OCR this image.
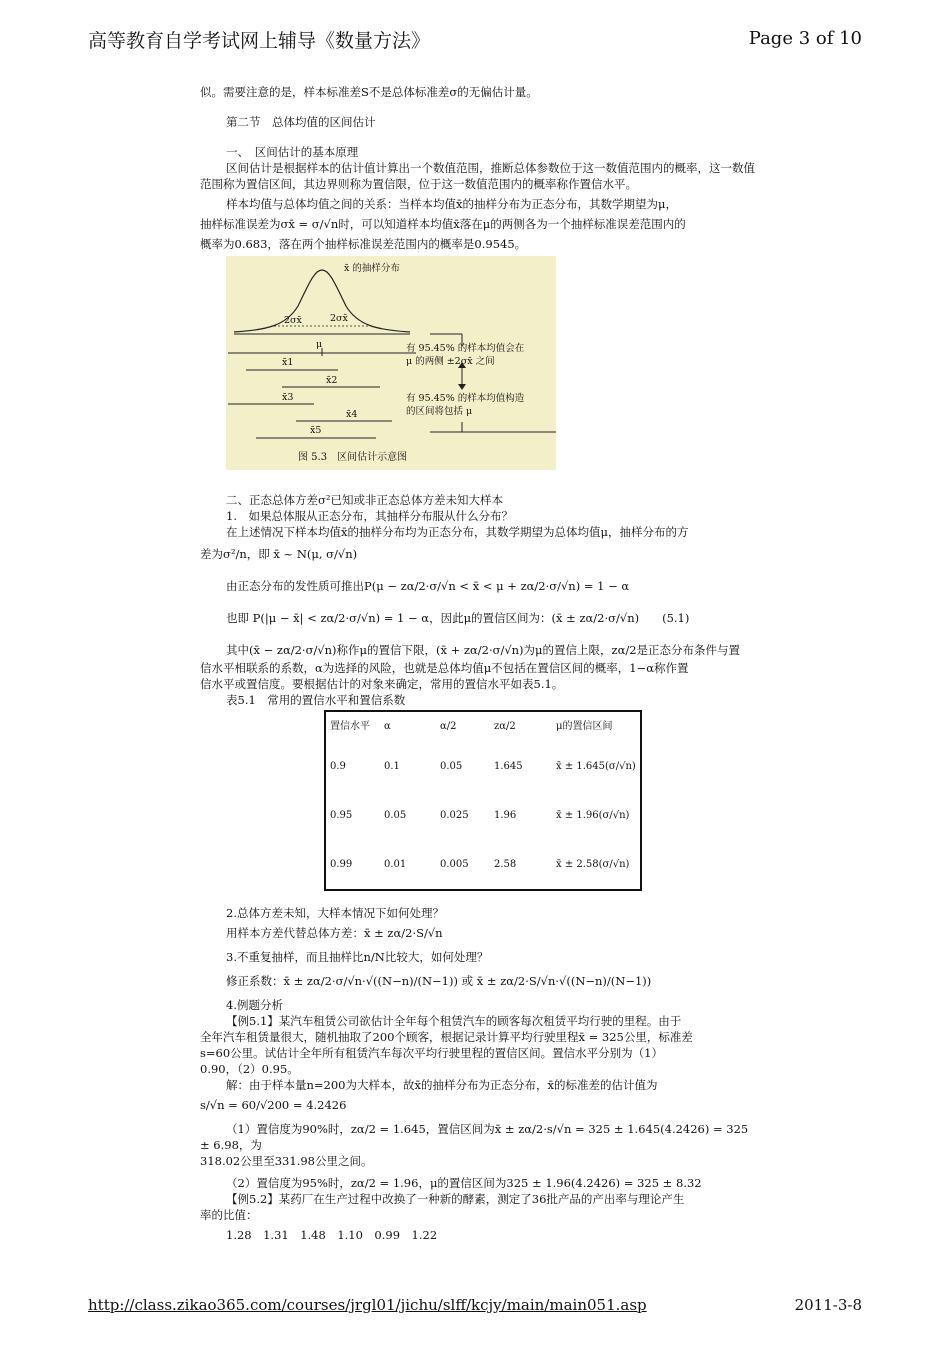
高等教育自学考试网上辅导《数量方法》	Page 3 of 10

似。需要注意的是，样本标准差S不是总体标准差σ的无偏估计量。

第二节　总体均值的区间估计

一、　区间估计的基本原理

区间估计是根据样本的估计值计算出一个数值范围，推断总体参数位于这一数值范围内的概率，这一数值范围称为置信区间，其边界则称为置信限，位于这一数值范围内的概率称作置信水平。

样本均值与总体均值之间的关系：当样本均值x̄的抽样分布为正态分布，其数学期望为μ，

抽样标准误差为σx̄ = σ/√n时，可以知道样本均值x̄落在μ的两侧各为一个抽样标准误差范围内的

概率为0.683，落在两个抽样标准误差范围内的概率是0.9545。

x̄ 的抽样分布
2σx̄	2σx̄
μ
x̄1
x̄2
x̄3
x̄4
x̄5
有 95.45% 的样本均值会在
μ 的两侧 ±2σx̄ 之间
有 95.45% 的样本均值构造
的区间将包括 μ
图 5.3　区间估计示意图

二、正态总体方差σ²已知或非正态总体方差未知大样本

1.　如果总体服从正态分布，其抽样分布服从什么分布？

在上述情况下样本均值x̄的抽样分布均为正态分布，其数学期望为总体均值μ，抽样分布的方

差为σ²/n，即 x̄ ~ N(μ, σ/√n)

由正态分布的发性质可推出P(μ − zα/2·σ/√n < x̄ < μ + zα/2·σ/√n) = 1 − α

也即 P(|μ − x̄| < zα/2·σ/√n) = 1 − α，因此μ的置信区间为：(x̄ ± zα/2·σ/√n)　　(5.1)

其中(x̄ − zα/2·σ/√n)称作μ的置信下限，(x̄ + zα/2·σ/√n)为μ的置信上限，zα/2是正态分布条件与置

信水平相联系的系数，α为选择的风险，也就是总体均值μ不包括在置信区间的概率，1−α称作置

信水平或置信度。要根据估计的对象来确定，常用的置信水平如表5.1。

表5.1　常用的置信水平和置信系数

置信水平	α	α/2	zα/2	μ的置信区间
0.9	0.1	0.05	1.645	x̄ ± 1.645(σ/√n)
0.95	0.05	0.025	1.96	x̄ ± 1.96(σ/√n)
0.99	0.01	0.005	2.58	x̄ ± 2.58(σ/√n)

2.总体方差未知，大样本情况下如何处理？

用样本方差代替总体方差：x̄ ± zα/2·S/√n

3.不重复抽样，而且抽样比n/N比较大，如何处理？

修正系数：x̄ ± zα/2·σ/√n·√((N−n)/(N−1)) 或 x̄ ± zα/2·S/√n·√((N−n)/(N−1))

4.例题分析

【例5.1】某汽车租赁公司欲估计全年每个租赁汽车的顾客每次租赁平均行驶的里程。由于

全年汽车租赁量很大，随机抽取了200个顾客，根据记录计算平均行驶里程x̄ = 325公里，标准差

s=60公里。试估计全年所有租赁汽车每次平均行驶里程的置信区间。置信水平分别为（1）

0.90，（2）0.95。

解：由于样本量n=200为大样本，故x̄的抽样分布为正态分布，x̄的标准差的估计值为

s/√n = 60/√200 = 4.2426

（1）置信度为90%时，zα/2 = 1.645，置信区间为x̄ ± zα/2·s/√n = 325 ± 1.645(4.2426) = 325 ± 6.98，为

318.02公里至331.98公里之间。

（2）置信度为95%时，zα/2 = 1.96，μ的置信区间为325 ± 1.96(4.2426) = 325 ± 8.32

【例5.2】某药厂在生产过程中改换了一种新的酵素，测定了36批产品的产出率与理论产生

率的比值：

1.28　1.31　1.48　1.10　0.99　1.22

http://class.zikao365.com/courses/jrgl01/jichu/slff/kcjy/main/main051.asp	2011-3-8
